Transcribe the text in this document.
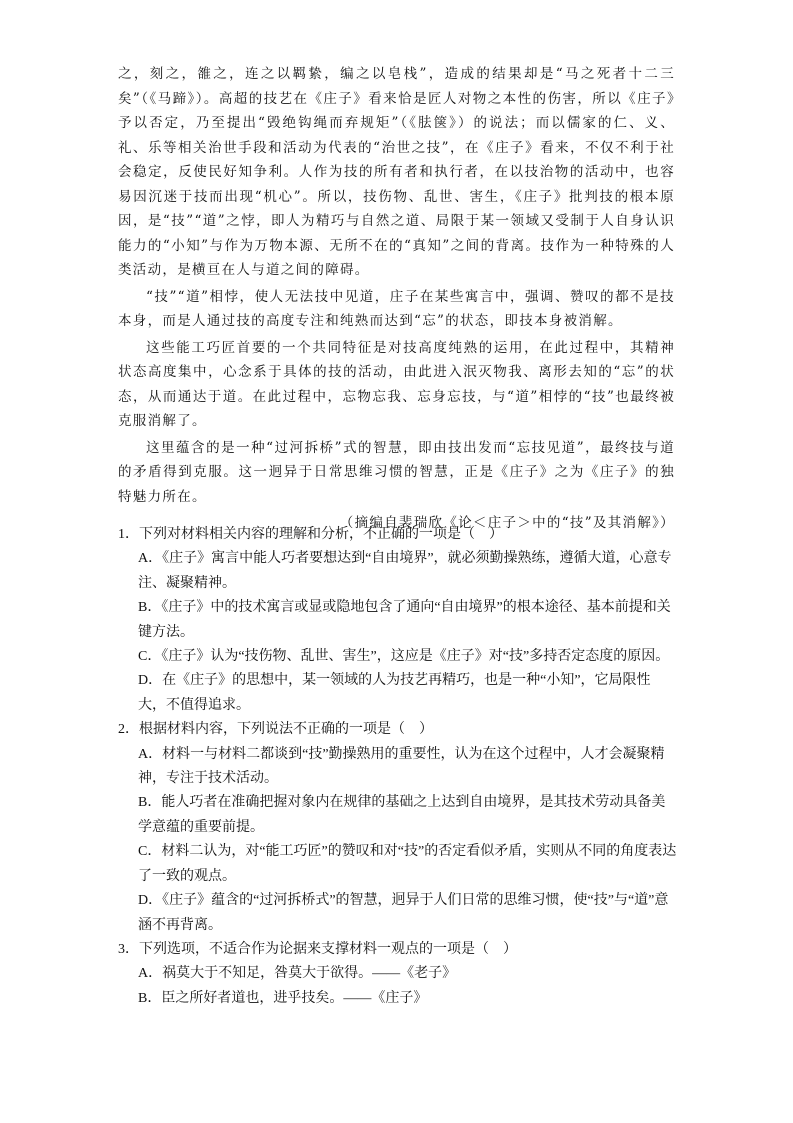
之，刻之，雒之，连之以羁絷，编之以皂栈”，造成的结果却是“马之死者十二三矣”（《马蹄》）。高超的技艺在《庄子》看来恰是匠人对物之本性的伤害，所以《庄子》予以否定，乃至提出“毁绝钩绳而弃规矩”（《胠箧》）的说法；而以儒家的仁、义、礼、乐等相关治世手段和活动为代表的“治世之技”，在《庄子》看来，不仅不利于社会稳定，反使民好知争利。人作为技的所有者和执行者，在以技治物的活动中，也容易因沉迷于技而出现“机心”。所以，技伤物、乱世、害生，《庄子》批判技的根本原因，是“技”“道”之悖，即人为精巧与自然之道、局限于某一领域又受制于人自身认识能力的“小知”与作为万物本源、无所不在的“真知”之间的背离。技作为一种特殊的人类活动，是横亘在人与道之间的障碍。

“技”“道”相悖，使人无法技中见道，庄子在某些寓言中，强调、赞叹的都不是技本身，而是人通过技的高度专注和纯熟而达到“忘”的状态，即技本身被消解。

这些能工巧匠首要的一个共同特征是对技高度纯熟的运用，在此过程中，其精神状态高度集中，心念系于具体的技的活动，由此进入泯灭物我、离形去知的“忘”的状态，从而通达于道。在此过程中，忘物忘我、忘身忘技，与“道”相悖的“技”也最终被克服消解了。

这里蕴含的是一种“过河拆桥”式的智慧，即由技出发而“忘技见道”，最终技与道的矛盾得到克服。这一迥异于日常思维习惯的智慧，正是《庄子》之为《庄子》的独特魅力所在。

（摘编自裴瑞欣《论＜庄子＞中的“技”及其消解》）

1．下列对材料相关内容的理解和分析，不正确的一项是（　）

A．《庄子》寓言中能人巧者要想达到“自由境界”，就必须勤操熟练，遵循大道，心意专注、凝聚精神。

B．《庄子》中的技术寓言或显或隐地包含了通向“自由境界”的根本途径、基本前提和关键方法。

C．《庄子》认为“技伤物、乱世、害生”，这应是《庄子》对“技”多持否定态度的原因。

D．在《庄子》的思想中，某一领域的人为技艺再精巧，也是一种“小知”，它局限性大，不值得追求。

2．根据材料内容，下列说法不正确的一项是（　）

A．材料一与材料二都谈到“技”勤操熟用的重要性，认为在这个过程中，人才会凝聚精神，专注于技术活动。

B．能人巧者在准确把握对象内在规律的基础之上达到自由境界，是其技术劳动具备美学意蕴的重要前提。

C．材料二认为，对“能工巧匠”的赞叹和对“技”的否定看似矛盾，实则从不同的角度表达了一致的观点。

D．《庄子》蕴含的“过河拆桥式”的智慧，迥异于人们日常的思维习惯，使“技”与“道”意涵不再背离。

3．下列选项，不适合作为论据来支撑材料一观点的一项是（　）

A．祸莫大于不知足，咎莫大于欲得。——《老子》

B．臣之所好者道也，进乎技矣。——《庄子》
